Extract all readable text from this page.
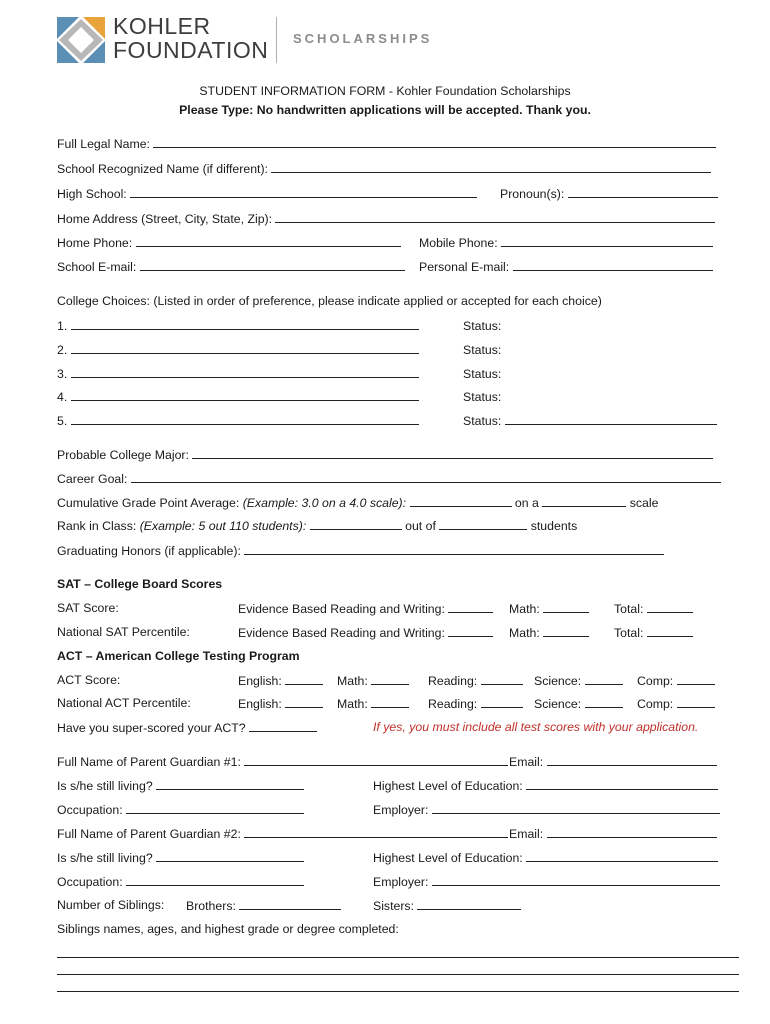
KOHLER
FOUNDATION SCHOLARSHIPS
STUDENT INFORMATION FORM - Kohler Foundation Scholarships
Please Type: No handwritten applications will be accepted. Thank you.
Full Legal Name:
School Recognized Name (if different):
High School:	Pronoun(s):
Home Address (Street, City, State, Zip):
Home Phone:	Mobile Phone:
School E-mail:	Personal E-mail:
College Choices: (Listed in order of preference, please indicate applied or accepted for each choice)
1.	Status:
2.	Status:
3.	Status:
4.	Status:
5.	Status:
Probable College Major:
Career Goal:
Cumulative Grade Point Average: (Example: 3.0 on a 4.0 scale):	on a	scale
Rank in Class: (Example: 5 out 110 students):	out of	students
Graduating Honors (if applicable):
SAT – College Board Scores
SAT Score:	Evidence Based Reading and Writing:	Math:	Total:
National SAT Percentile:	Evidence Based Reading and Writing:	Math:	Total:
ACT – American College Testing Program
ACT Score:	English:	Math:	Reading:	Science:	Comp:
National ACT Percentile:	English:	Math:	Reading:	Science:	Comp:
Have you super-scored your ACT?	If yes, you must include all test scores with your application.
Full Name of Parent Guardian #1:	Email:
Is s/he still living?	Highest Level of Education:
Occupation:	Employer:
Full Name of Parent Guardian #2:	Email:
Is s/he still living?	Highest Level of Education:
Occupation:	Employer:
Number of Siblings: Brothers:	Sisters:
Siblings names, ages, and highest grade or degree completed:
